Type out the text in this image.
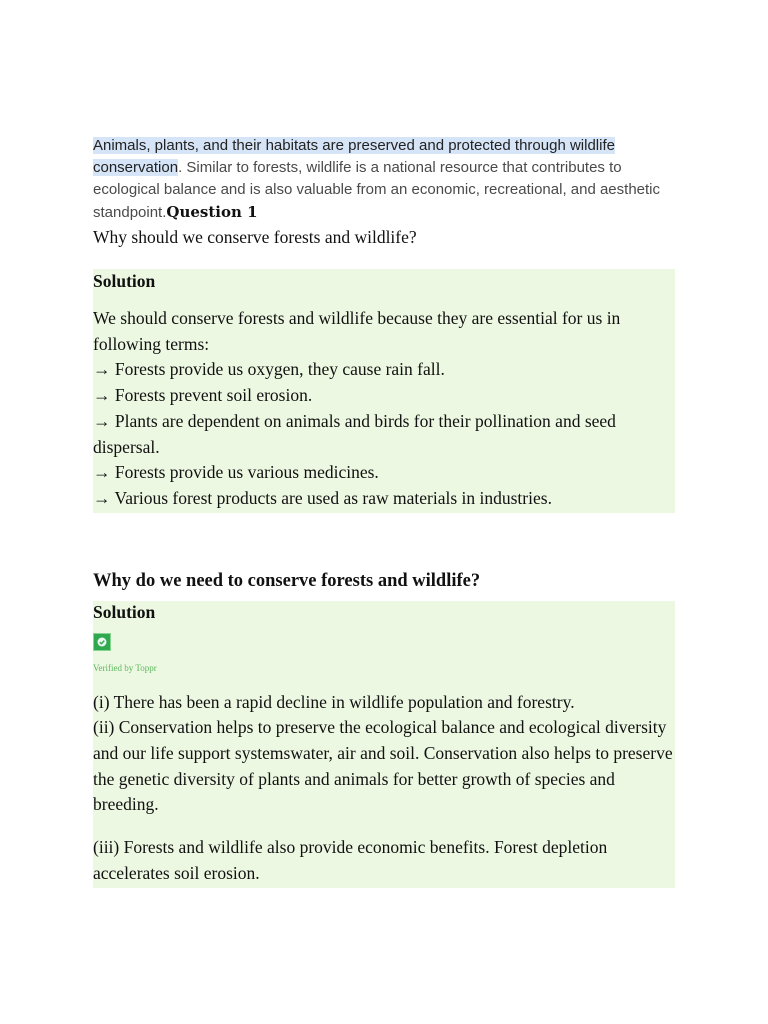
Animals, plants, and their habitats are preserved and protected through wildlife conservation. Similar to forests, wildlife is a national resource that contributes to ecological balance and is also valuable from an economic, recreational, and aesthetic standpoint.Question 1

Why should we conserve forests and wildlife?

Solution

We should conserve forests and wildlife because they are essential for us in following terms:

→ Forests provide us oxygen, they cause rain fall.

→ Forests prevent soil erosion.

→ Plants are dependent on animals and birds for their pollination and seed dispersal.

→ Forests provide us various medicines.

→ Various forest products are used as raw materials in industries.

Why do we need to conserve forests and wildlife?

Solution

Verified by Toppr

(i) There has been a rapid decline in wildlife population and forestry.

(ii) Conservation helps to preserve the ecological balance and ecological diversity and our life support systemswater, air and soil. Conservation also helps to preserve the genetic diversity of plants and animals for better growth of species and breeding.

(iii) Forests and wildlife also provide economic benefits. Forest depletion accelerates soil erosion.
